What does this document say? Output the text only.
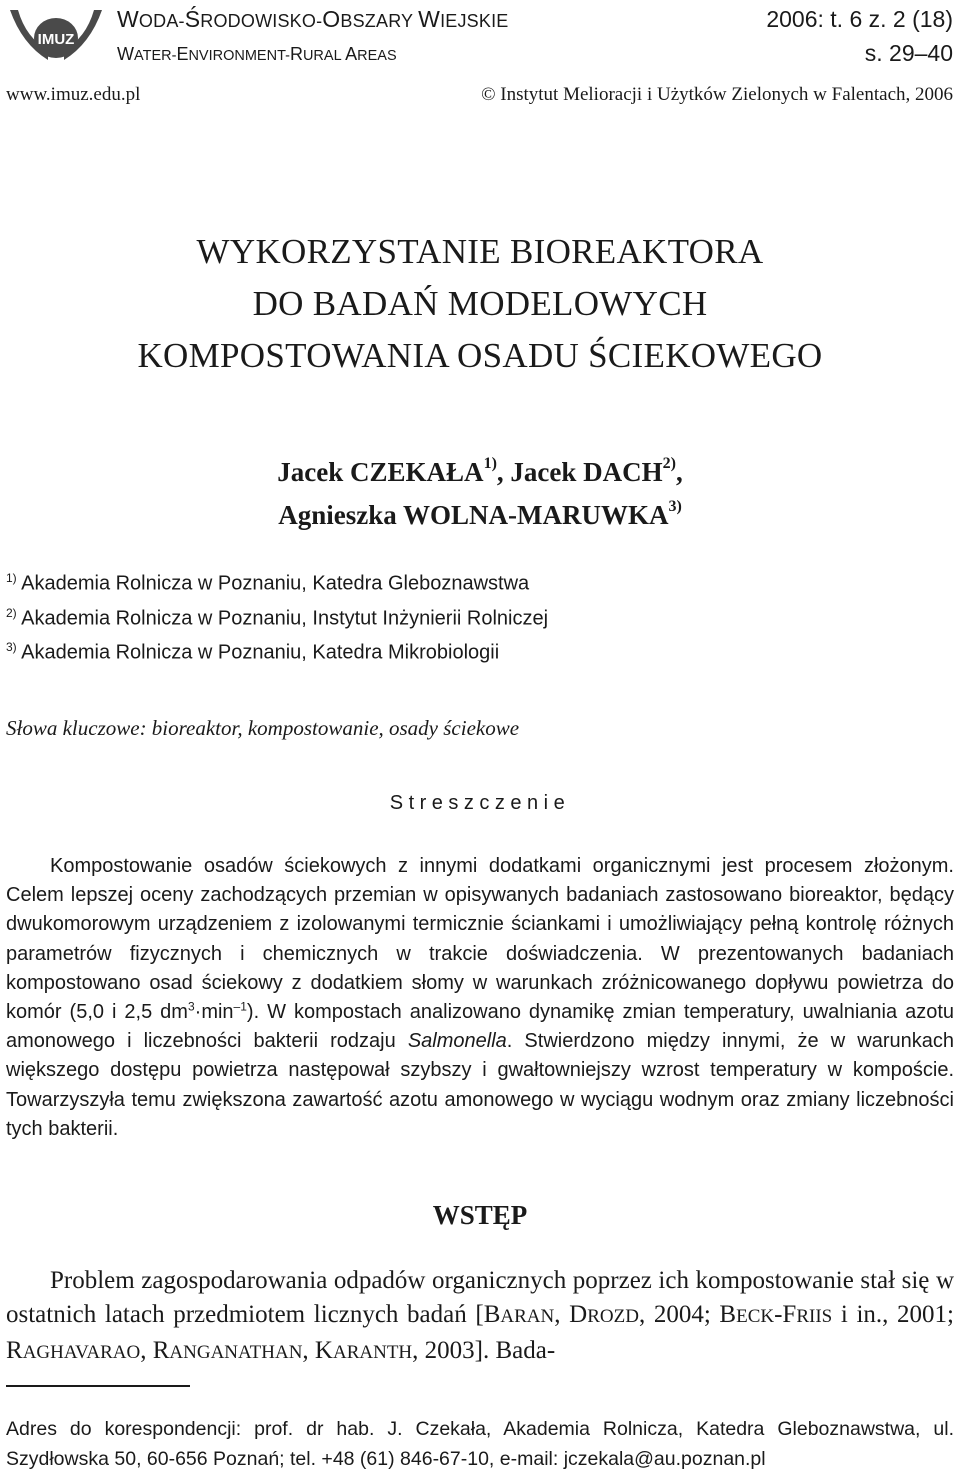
IMUZ
WODA-ŚRODOWISKO-OBSZARY WIEJSKIE
WATER-ENVIRONMENT-RURAL AREAS
2006: t. 6 z. 2 (18)
s. 29–40
www.imuz.edu.pl	© Instytut Melioracji i Użytków Zielonych w Falentach, 2006
WYKORZYSTANIE BIOREAKTORA
DO BADAŃ MODELOWYCH
KOMPOSTOWANIA OSADU ŚCIEKOWEGO
Jacek CZEKAŁA$^{1)}$, Jacek DACH$^{2)}$,
Agnieszka WOLNA-MARUWKA$^{3)}$
$^{1)}$ Akademia Rolnicza w Poznaniu, Katedra Gleboznawstwa
$^{2)}$ Akademia Rolnicza w Poznaniu, Instytut Inżynierii Rolniczej
$^{3)}$ Akademia Rolnicza w Poznaniu, Katedra Mikrobiologii
Słowa kluczowe: bioreaktor, kompostowanie, osady ściekowe
Streszczenie
Kompostowanie osadów ściekowych z innymi dodatkami organicznymi jest procesem złożonym. Celem lepszej oceny zachodzących przemian w opisywanych badaniach zastosowano bioreaktor, będący dwukomorowym urządzeniem z izolowanymi termicznie ściankami i umożliwiający pełną kontrolę różnych parametrów fizycznych i chemicznych w trakcie doświadczenia. W prezentowanych badaniach kompostowano osad ściekowy z dodatkiem słomy w warunkach zróżnicowanego dopływu powietrza do komór (5,0 i 2,5 $dm^3\cdot\min^{-1}$). W kompostach analizowano dynamikę zmian temperatury, uwalniania azotu amonowego i liczebności bakterii rodzaju Salmonella. Stwierdzono między innymi, że w warunkach większego dostępu powietrza następował szybszy i gwałtowniejszy wzrost temperatury w kompoście. Towarzyszyła temu zwiększona zawartość azotu amonowego w wyciągu wodnym oraz zmiany liczebności tych bakterii.
WSTĘP
Problem zagospodarowania odpadów organicznych poprzez ich kompostowanie stał się w ostatnich latach przedmiotem licznych badań [BARAN, DROZD, 2004; BECK-FRIIS i in., 2001; RAGHAVARAO, RANGANATHAN, KARANTH, 2003]. Bada-
Adres do korespondencji: prof. dr hab. J. Czekała, Akademia Rolnicza, Katedra Gleboznawstwa, ul. Szydłowska 50, 60-656 Poznań; tel. +48 (61) 846-67-10, e-mail: jczekala@au.poznan.pl
